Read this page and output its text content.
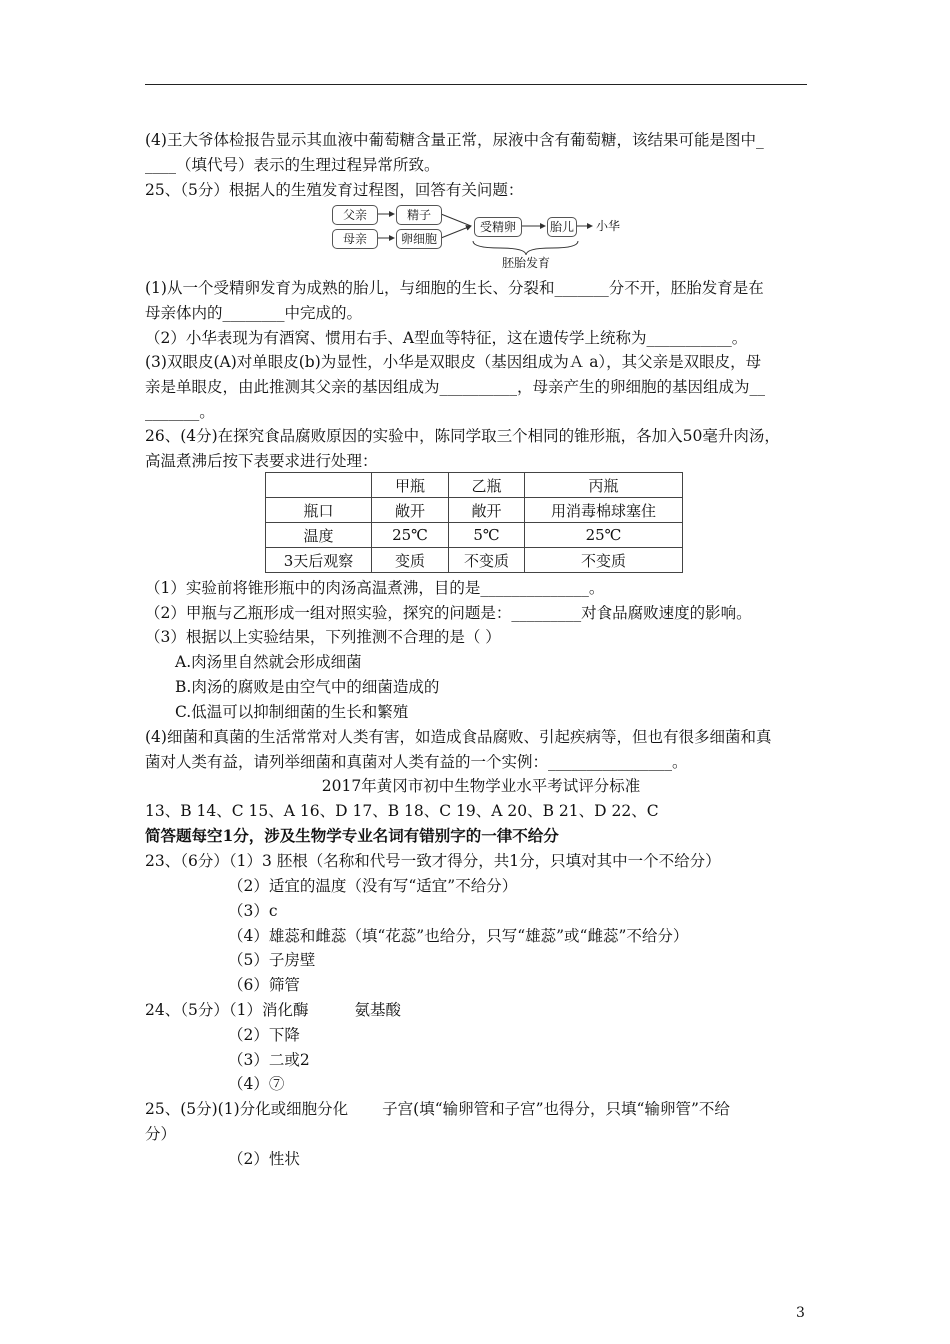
(4)王大爷体检报告显示其血液中葡萄糖含量正常，尿液中含有葡萄糖，该结果可能是图中_
____（填代号）表示的生理过程异常所致。
25、（5分）根据人的生殖发育过程图，回答有关问题：
父亲
母亲
精子
卵细胞
受精卵	胎儿 小华
胚胎发育
(1)从一个受精卵发育为成熟的胎儿，与细胞的生长、分裂和_______分不开，胚胎发育是在
母亲体内的________中完成的。
（2）小华表现为有酒窝、惯用右手、A型血等特征，这在遗传学上统称为___________。
(3)双眼皮(A)对单眼皮(b)为显性，小华是双眼皮（基因组成为Ａ a），其父亲是双眼皮，母
亲是单眼皮，由此推测其父亲的基因组成为__________，母亲产生的卵细胞的基因组成为__
_______。
26、(4分)在探究食品腐败原因的实验中，陈同学取三个相同的锥形瓶，各加入50毫升肉汤，
高温煮沸后按下表要求进行处理：
	甲瓶	乙瓶	丙瓶
瓶口	敞开	敞开	用消毒棉球塞住
温度	25℃	5℃	25℃
3天后观察	变质	不变质	不变质
（1）实验前将锥形瓶中的肉汤高温煮沸，目的是______________。
（2）甲瓶与乙瓶形成一组对照实验，探究的问题是：_________对食品腐败速度的影响。
（3）根据以上实验结果，下列推测不合理的是（ ）
A.肉汤里自然就会形成细菌
B.肉汤的腐败是由空气中的细菌造成的
C.低温可以抑制细菌的生长和繁殖
(4)细菌和真菌的生活常常对人类有害，如造成食品腐败、引起疾病等，但也有很多细菌和真
菌对人类有益，请列举细菌和真菌对人类有益的一个实例：________________。
2017年黄冈市初中生物学业水平考试评分标准
13、B 14、C 15、A 16、D 17、B 18、C 19、A 20、B 21、D 22、C
简答题每空1分，涉及生物学专业名词有错别字的一律不给分
23、（6分）（1）3 胚根（名称和代号一致才得分，共1分，只填对其中一个不给分）
（2）适宜的温度（没有写“适宜”不给分）
（3）c
（4）雄蕊和雌蕊（填“花蕊”也给分，只写“雄蕊”或“雌蕊”不给分）
（5）子房壁
（6）筛管
24、（5分）（1）消化酶	氨基酸
（2）下降
（3）二或2
（4）⑦
25、(5分)(1)分化或细胞分化 子宫(填“输卵管和子宫”也得分，只填“输卵管”不给
分）
（2）性状
3
